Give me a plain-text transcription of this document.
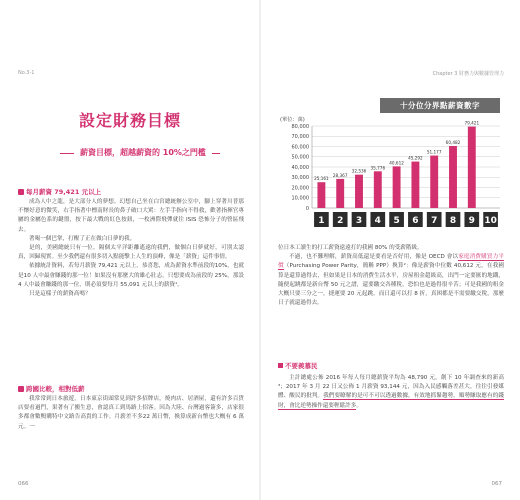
No.3-1
設定財務目標
薪資目標，超越薪資的 10%之門檻
每月薪資 79,421 元以上

成為人中之龍，是大部分人的夢想。幻想自己坐在白宮總統辦公室中，腳上穿著川普那不懷好意的微笑，右手指著中標南財長的鼻子破口大罵：左手手指向不得救，歡著指揮官專屬的金屬色系的鍵盤，按下最大戰的紅色按鈕，一枚洲際飛彈就往 ISIS 恐怖分子的營區飛去。

著喝一個巴掌，打醒了正在做白日夢的我。

是的，美國總統只有一位。隔個太平洋距離遙遠的我們，做個白日夢就好，可別太認真，回歸現實。至少我們還有很多切入點能擊上人生的頂峰，像是「薪資」這件事情。

依據統計資料，若每月薪資 79,421 元以上，恭喜您，成為薪資水準前段的10%，也就是10 人中最會賺錢的那一位！如果沒有那麼大的雄心壯志，只想要成為前段的 25%，那設 4 人中最會賺錢的那一位，則必須要每月 55,091 元以上的薪資¹。

只是這樣子的薪資高嗎？

跨國比較，相對低薪

我常常到日本旅遊，日本東京街頭常見到許多招牌店，燒肉店、居酒屋，還有許多百貨店要看過門，果著有了搬生意，會認真工到馬路上招客。因為大陸、台灣過客簽多，店家很多都會數鴨購特中文路告高貴的工作。月薪差不多22 萬日幣，換算成新台幣也大概有 6 萬元。一

066
Chapter 3 財務力與數據管理力
十分位分界點薪資數字
(單位：萬)
0
10,000
20,000
30,000
40,000
50,000
60,000
70,000
80,000
25,161
1
28,367
2
32,536
3
35,776
4
40,612
5
45,292
6
51,177
7
60,482
8
79,421
9 10

位日本工讀生的打工薪資遠遠打約我國 80% 的受薪階級。

不過，也不難理解，薪資高低還是要看是否好用，像是 OECD 會以家庭消費購買力平價（Purchasing Power Parity，簡稱 PPP）換算²：像是薪資中位數 40,612 元，在我國算是還算過得去，但如果是日本的消費生活水平，房屋租金超級高，出門一定要匯的地鐵，隨便起跳都是新台幣 50 元之譜，還要繳交各種稅，恐怕也是過得很辛苦；可是我國的租金大概只要三分之一，捷運要 20 元起跳，而日還可以打 8 折，真困都是不需要繳交稅，那麼日子就還過得去。

不要羨慕民

主計總處公佈 2016 年每人每月總薪資平均為 48,790 元，創下 10 年調查來的新高³；2017 年 3 月 22 日又公佈 1 月薪資 93,144 元，因為入民感觸落差甚大，往往引發媒體、酸民的批判。我們要瞭解的是可不可以透過數據，有效地抓緊趨勢，順勢賺取應有的錢財，會比逆勢操作還要輕鬆許多。

067
